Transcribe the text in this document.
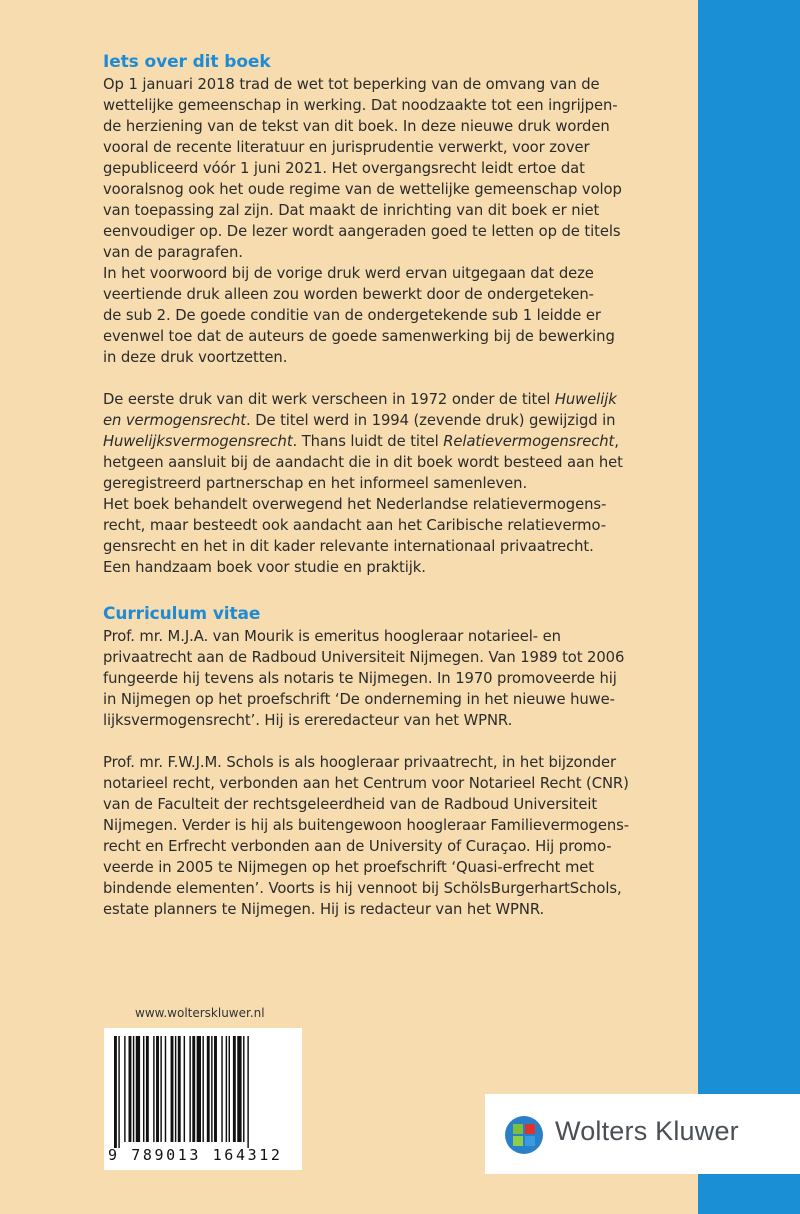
Iets over dit boek

Op 1 januari 2018 trad de wet tot beperking van de omvang van de
wettelijke gemeenschap in werking. Dat noodzaakte tot een ingrijpen-
de herziening van de tekst van dit boek. In deze nieuwe druk worden
vooral de recente literatuur en jurisprudentie verwerkt, voor zover
gepubliceerd vóór 1 juni 2021. Het overgangsrecht leidt ertoe dat
vooralsnog ook het oude regime van de wettelijke gemeenschap volop
van toepassing zal zijn. Dat maakt de inrichting van dit boek er niet
eenvoudiger op. De lezer wordt aangeraden goed te letten op de titels
van de paragrafen.

In het voorwoord bij de vorige druk werd ervan uitgegaan dat deze
veertiende druk alleen zou worden bewerkt door de ondergeteken-
de sub 2. De goede conditie van de ondergetekende sub 1 leidde er
evenwel toe dat de auteurs de goede samenwerking bij de bewerking
in deze druk voortzetten.

De eerste druk van dit werk verscheen in 1972 onder de titel Huwelijk
en vermogensrecht. De titel werd in 1994 (zevende druk) gewijzigd in
Huwelijksvermogensrecht. Thans luidt de titel Relatievermogensrecht,
hetgeen aansluit bij de aandacht die in dit boek wordt besteed aan het
geregistreerd partnerschap en het informeel samenleven.

Het boek behandelt overwegend het Nederlandse relatievermogens-
recht, maar besteedt ook aandacht aan het Caribische relatievermo-
gensrecht en het in dit kader relevante internationaal privaatrecht.
Een handzaam boek voor studie en praktijk.

Curriculum vitae

Prof. mr. M.J.A. van Mourik is emeritus hoogleraar notarieel- en
privaatrecht aan de Radboud Universiteit Nijmegen. Van 1989 tot 2006
fungeerde hij tevens als notaris te Nijmegen. In 1970 promoveerde hij
in Nijmegen op het proefschrift ‘De onderneming in het nieuwe huwe-
lijksvermogensrecht’. Hij is ereredacteur van het WPNR.

Prof. mr. F.W.J.M. Schols is als hoogleraar privaatrecht, in het bijzonder
notarieel recht, verbonden aan het Centrum voor Notarieel Recht (CNR)
van de Faculteit der rechtsgeleerdheid van de Radboud Universiteit
Nijmegen. Verder is hij als buitengewoon hoogleraar Familievermogens-
recht en Erfrecht verbonden aan de University of Curaçao. Hij promo-
veerde in 2005 te Nijmegen op het proefschrift ‘Quasi-erfrecht met
bindende elementen’. Voorts is hij vennoot bij SchölsBurgerhartSchols,
estate planners te Nijmegen. Hij is redacteur van het WPNR.

www.wolterskluwer.nl
9 789013 164312
Wolters Kluwer
